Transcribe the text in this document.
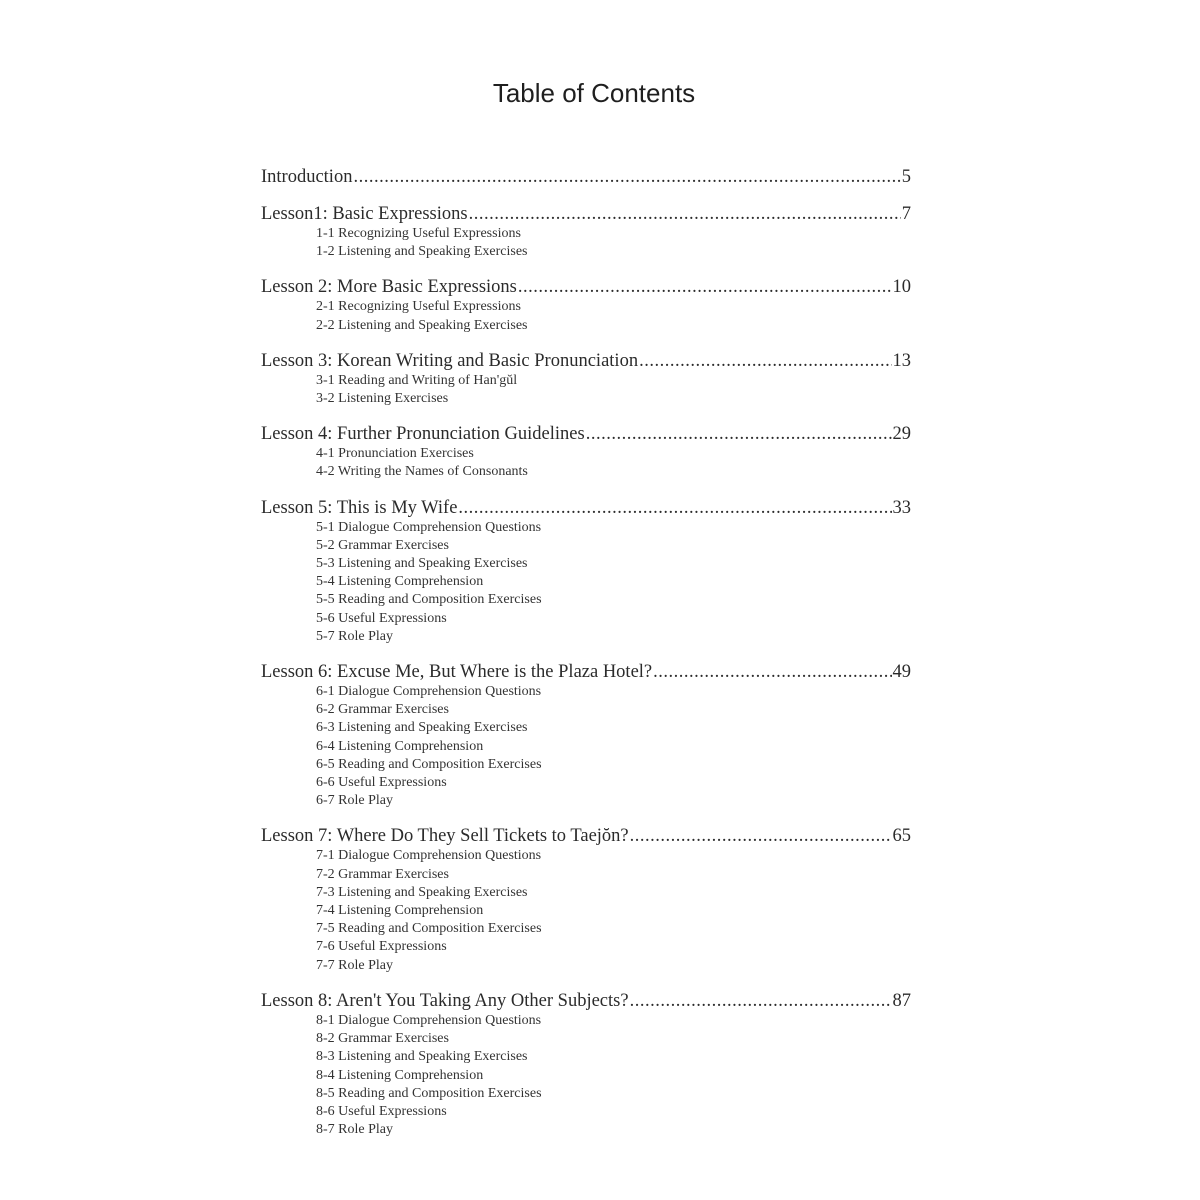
Table of Contents
Introduction .....	5
Lesson1: Basic Expressions .....	7
1-1 Recognizing Useful Expressions
1-2 Listening and Speaking Exercises
Lesson 2: More Basic Expressions .....	10
2-1 Recognizing Useful Expressions
2-2 Listening and Speaking Exercises
Lesson 3: Korean Writing and Basic Pronunciation .....	13
3-1 Reading and Writing of Han'gŭl
3-2 Listening Exercises
Lesson 4: Further Pronunciation Guidelines .....	29
4-1 Pronunciation Exercises
4-2 Writing the Names of Consonants
Lesson 5: This is My Wife .....	33
5-1 Dialogue Comprehension Questions
5-2 Grammar Exercises
5-3 Listening and Speaking Exercises
5-4 Listening Comprehension
5-5 Reading and Composition Exercises
5-6 Useful Expressions
5-7 Role Play
Lesson 6: Excuse Me, But Where is the Plaza Hotel? .....	49
6-1 Dialogue Comprehension Questions
6-2 Grammar Exercises
6-3 Listening and Speaking Exercises
6-4 Listening Comprehension
6-5 Reading and Composition Exercises
6-6 Useful Expressions
6-7 Role Play
Lesson 7: Where Do They Sell Tickets to Taejŏn? .....	65
7-1 Dialogue Comprehension Questions
7-2 Grammar Exercises
7-3 Listening and Speaking Exercises
7-4 Listening Comprehension
7-5 Reading and Composition Exercises
7-6 Useful Expressions
7-7 Role Play
Lesson 8: Aren't You Taking Any Other Subjects? .....	87
8-1 Dialogue Comprehension Questions
8-2 Grammar Exercises
8-3 Listening and Speaking Exercises
8-4 Listening Comprehension
8-5 Reading and Composition Exercises
8-6 Useful Expressions
8-7 Role Play
